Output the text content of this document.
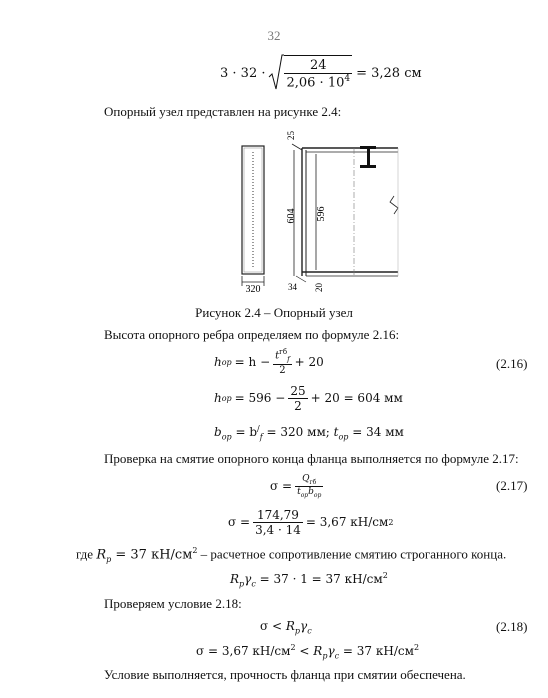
32
$3 \cdot 32 \cdot \frac{24}{2,06 \cdot 10^4} = 3,28$ см
Опорный узел представлен на рисунке 2.4:
320
25
604 596
34 20
Рисунок 2.4 – Опорный узел
Высота опорного ребра определяем по формуле 2.16:
h op = $h - \frac{t^{гб}_f}{2} + 20$	(2.16)
h op = $596 - \frac{25}{2} + 20 = 604$ мм
$b_{op} = b^/_f = 320$ мм; $t_{op} = 34$ мм
Проверка на смятие опорного конца фланца выполняется по формуле 2.17:
$\sigma = \frac{Q_{гб}}{t_{op}b_{op}}$	(2.17)
$\sigma = \frac{174,79}{3,4 \cdot 14} = 3,67$ кН/см 2
где $R_р = 37$ $кН/см^2$ – расчетное сопротивление смятию строганного конца.
$R_р\gamma_c = 37 \cdot 1 = 37$ $кН/см^2$
Проверяем условие 2.18:
$\sigma < R_р\gamma_c$	(2.18)
σ = 3,67 $кН/см^2 < R_р\gamma_c = 37$ $кН/см^2$
Условие выполняется, прочность фланца при смятии обеспечена.
